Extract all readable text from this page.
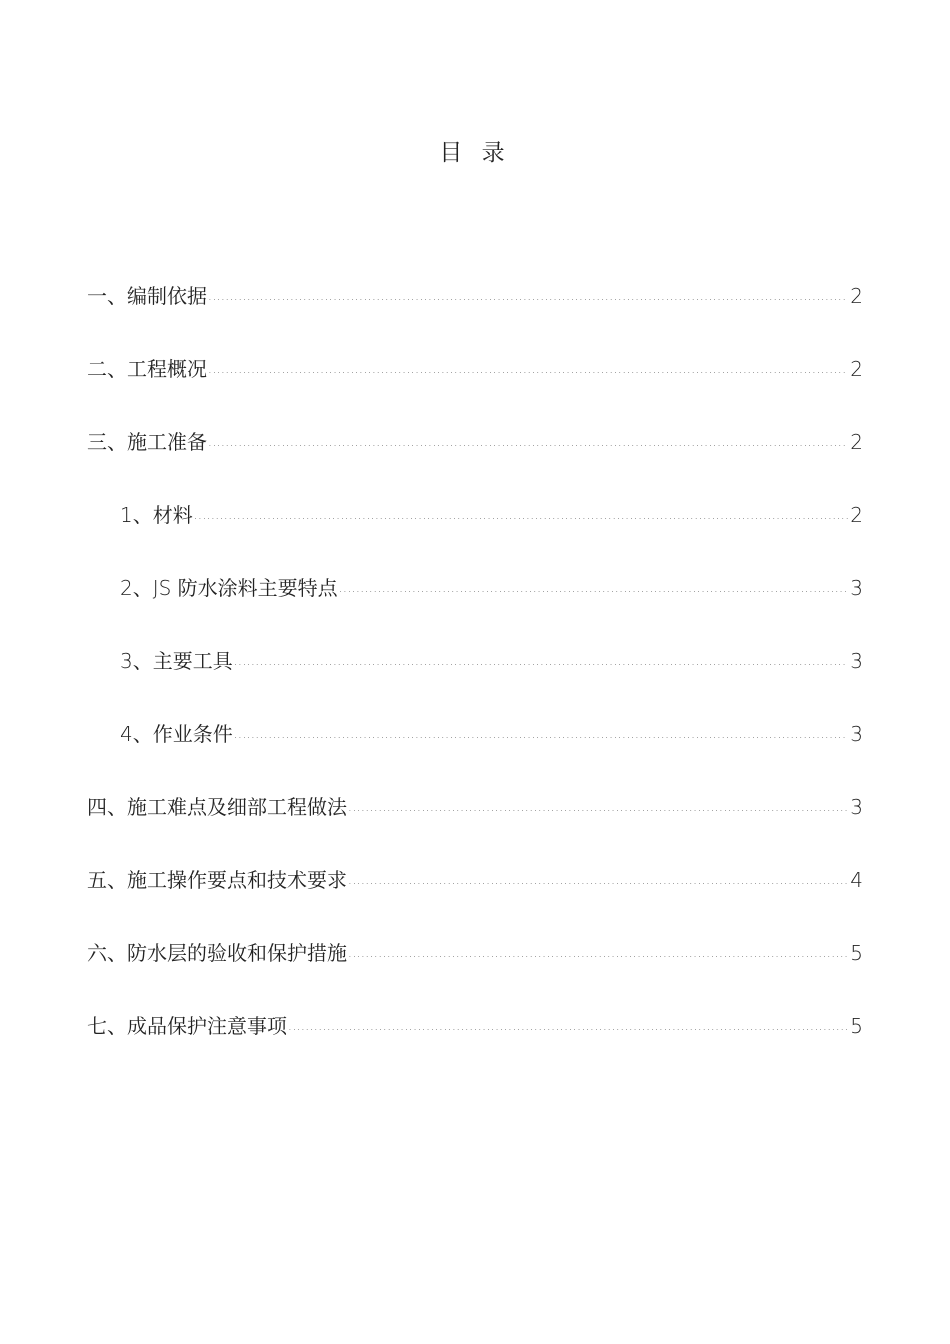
目 录
一、编制依据 .....	2
二、工程概况 .....	2
三、施工准备 .....	2
1、材料 .....	2
2、JS 防水涂料主要特点 .....	3
3、主要工具 .....	3
4、作业条件 .....	3
四、施工难点及细部工程做法 .....	3
五、施工操作要点和技术要求 .....	4
六、防水层的验收和保护措施 .....	5
七、成品保护注意事项 .....	5
